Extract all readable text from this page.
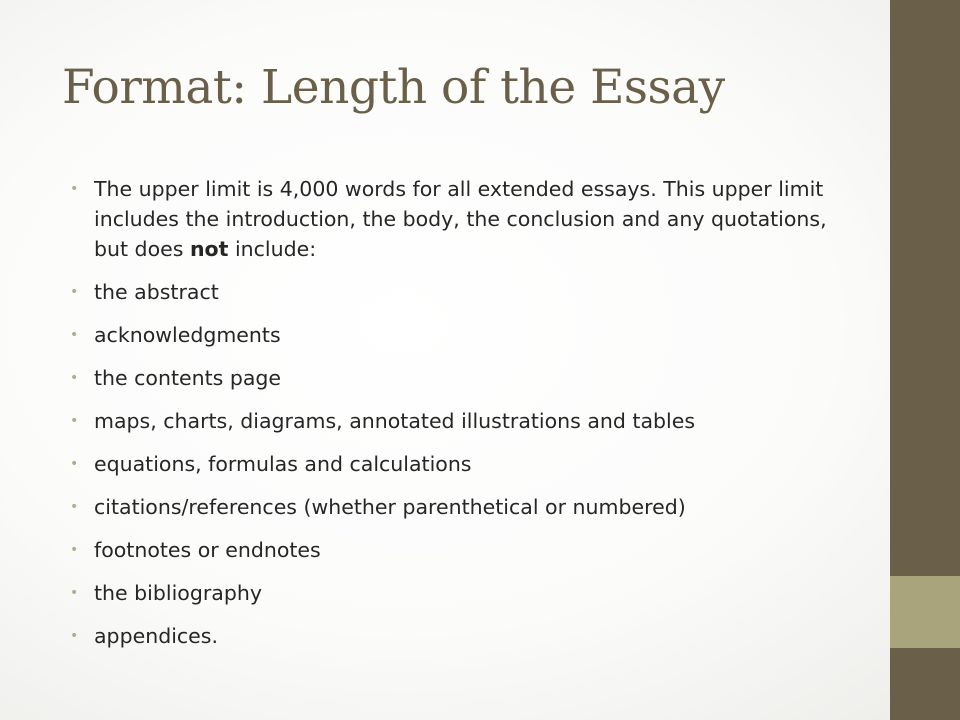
Format: Length of the Essay
• The upper limit is 4,000 words for all extended essays. This upper limit includes the introduction, the body, the conclusion and any quotations, but does not include:
• the abstract
• acknowledgments
• the contents page
• maps, charts, diagrams, annotated illustrations and tables
• equations, formulas and calculations
• citations/references (whether parenthetical or numbered)
• footnotes or endnotes
• the bibliography
• appendices.
